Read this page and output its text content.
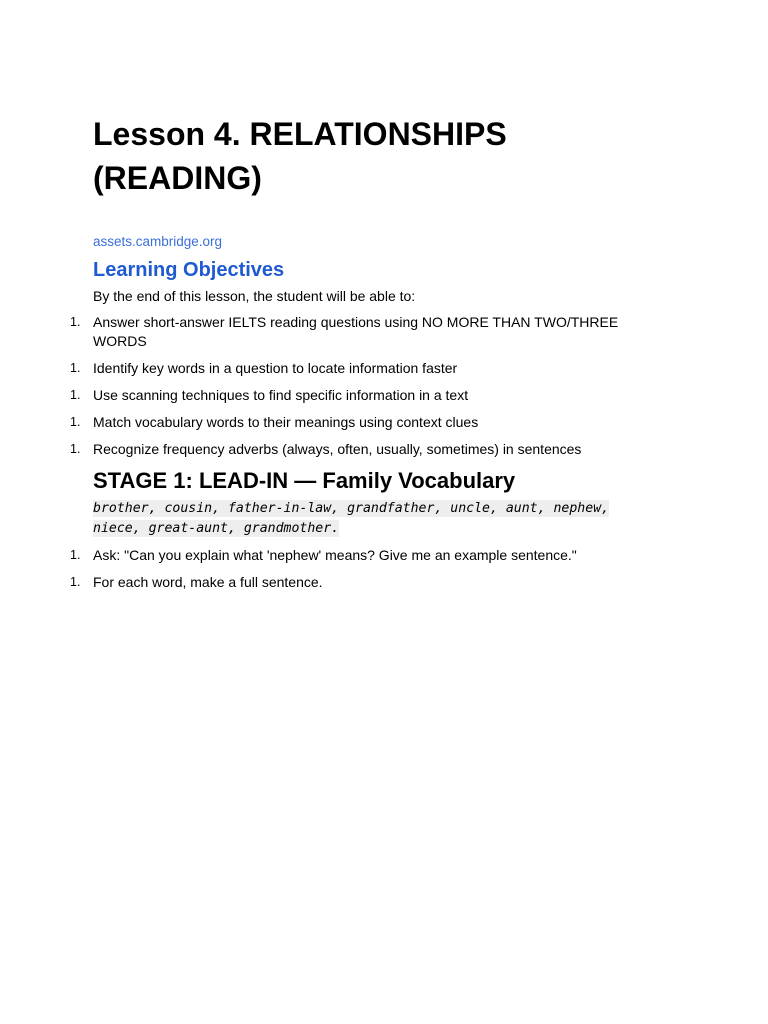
Lesson 4. RELATIONSHIPS (READING)
assets.cambridge.org
Learning Objectives

By the end of this lesson, the student will be able to:

1. Answer short-answer IELTS reading questions using NO MORE THAN TWO/THREE WORDS
1. Identify key words in a question to locate information faster
1. Use scanning techniques to find specific information in a text
1. Match vocabulary words to their meanings using context clues
1. Recognize frequency adverbs (always, often, usually, sometimes) in sentences
STAGE 1: LEAD-IN — Family Vocabulary

brother, cousin, father-in-law, grandfather, uncle, aunt, nephew, niece, great-aunt, grandmother.

1. Ask: "Can you explain what 'nephew' means? Give me an example sentence."
1. For each word, make a full sentence.
